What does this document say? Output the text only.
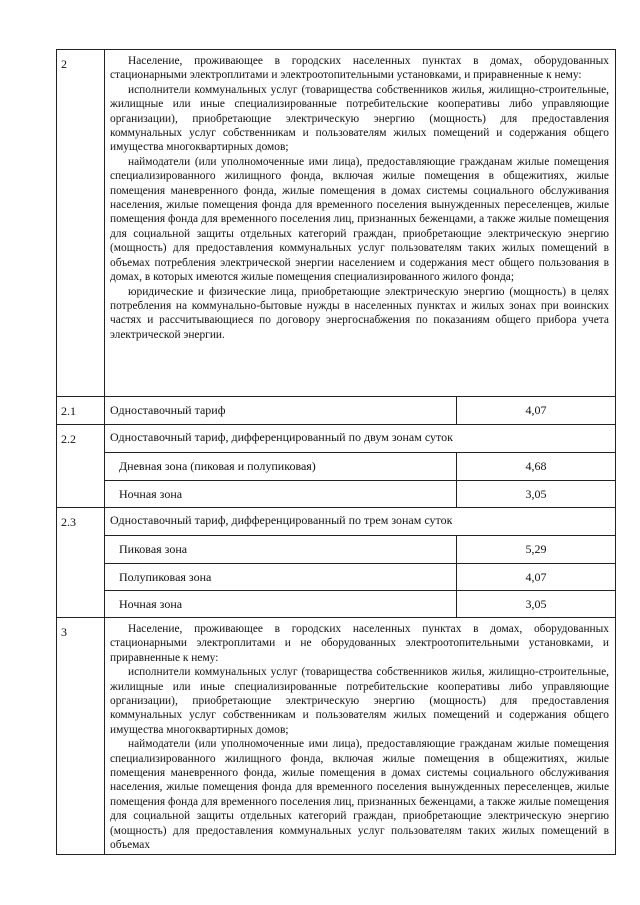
2	Население, проживающее в городских населенных пунктах в домах, оборудованных стационарными электроплитами и электроотопительными установками, и приравненные к нему:

исполнители коммунальных услуг (товарищества собственников жилья, жилищно-строительные, жилищные или иные специализированные потребительские кооперативы либо управляющие организации), приобретающие электрическую энергию (мощность) для предоставления коммунальных услуг собственникам и пользователям жилых помещений и содержания общего имущества многоквартирных домов;

наймодатели (или уполномоченные ими лица), предоставляющие гражданам жилые помещения специализированного жилищного фонда, включая жилые помещения в общежитиях, жилые помещения маневренного фонда, жилые помещения в домах системы социального обслуживания населения, жилые помещения фонда для временного поселения вынужденных переселенцев, жилые помещения фонда для временного поселения лиц, признанных беженцами, а также жилые помещения для социальной защиты отдельных категорий граждан, приобретающие электрическую энергию (мощность) для предоставления коммунальных услуг пользователям таких жилых помещений в объемах потребления электрической энергии населением и содержания мест общего пользования в домах, в которых имеются жилые помещения специализированного жилого фонда;

юридические и физические лица, приобретающие электрическую энергию (мощность) в целях потребления на коммунально-бытовые нужды в населенных пунктах и жилых зонах при воинских частях и рассчитывающиеся по договору энергоснабжения по показаниям общего прибора учета электрической энергии.

2.1		Одноставочный тариф	4,07

2.2	Одноставочный тариф, дифференцированный по двум зонам суток
Дневная зона (пиковая и полупиковая)	4,68
Ночная зона	3,05

2.3	Одноставочный тариф, дифференцированный по трем зонам суток
Пиковая зона	5,29
Полупиковая зона	4,07
Ночная зона	3,05

3	Население, проживающее в городских населенных пунктах в домах, оборудованных стационарными электроплитами и не оборудованных электроотопительными установками, и приравненные к нему:

исполнители коммунальных услуг (товарищества собственников жилья, жилищно-строительные, жилищные или иные специализированные потребительские кооперативы либо управляющие организации), приобретающие электрическую энергию (мощность) для предоставления коммунальных услуг собственникам и пользователям жилых помещений и содержания общего имущества многоквартирных домов;

наймодатели (или уполномоченные ими лица), предоставляющие гражданам жилые помещения специализированного жилищного фонда, включая жилые помещения в общежитиях, жилые помещения маневренного фонда, жилые помещения в домах системы социального обслуживания населения, жилые помещения фонда для временного поселения вынужденных переселенцев, жилые помещения фонда для временного поселения лиц, признанных беженцами, а также жилые помещения для социальной защиты отдельных категорий граждан, приобретающие электрическую энергию (мощность) для предоставления коммунальных услуг пользователям таких жилых помещений в объемах
